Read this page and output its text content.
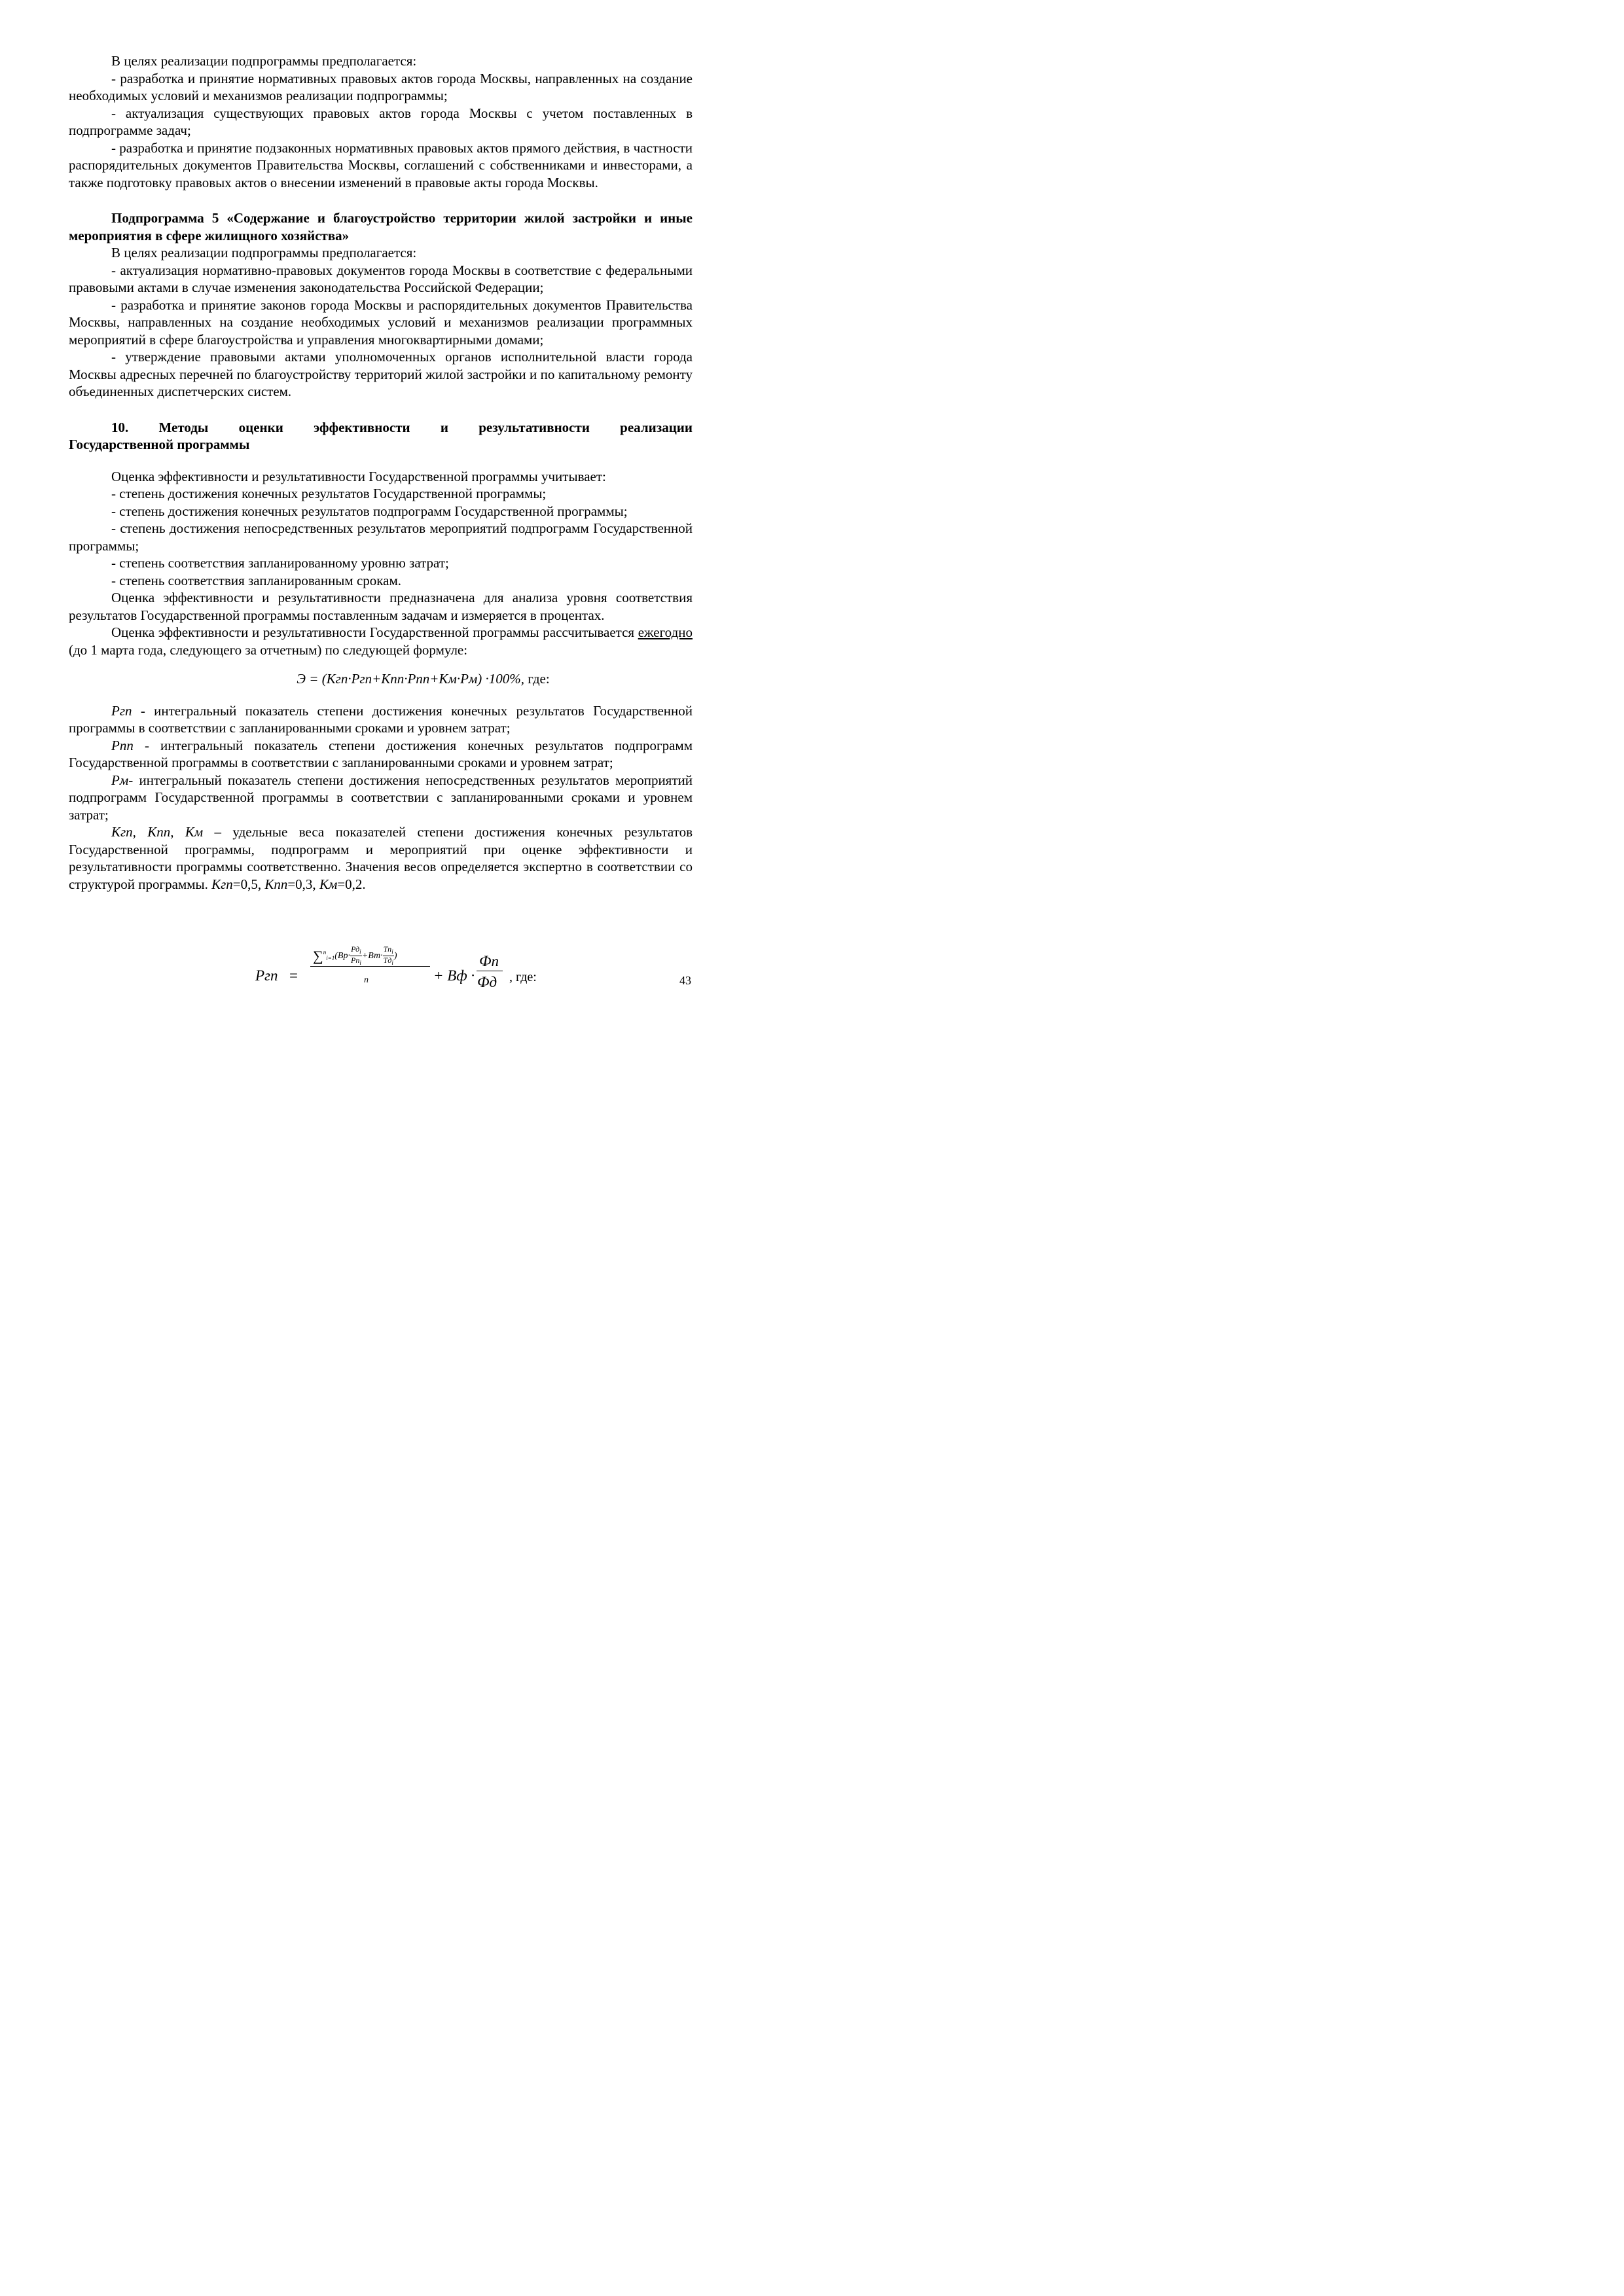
В целях реализации подпрограммы предполагается:

- разработка и принятие нормативных правовых актов города Москвы, направленных на создание необходимых условий и механизмов реализации подпрограммы;

- актуализация существующих правовых актов города Москвы с учетом поставленных в подпрограмме задач;

- разработка и принятие подзаконных нормативных правовых актов прямого действия, в частности распорядительных документов Правительства Москвы, соглашений с собственниками и инвесторами, а также подготовку правовых актов о внесении изменений в правовые акты города Москвы.

Подпрограмма 5 «Содержание и благоустройство территории жилой застройки и иные мероприятия в сфере жилищного хозяйства»

В целях реализации подпрограммы предполагается:

- актуализация нормативно-правовых документов города Москвы в соответствие с федеральными правовыми актами в случае изменения законодательства Российской Федерации;

- разработка и принятие законов города Москвы и распорядительных документов Правительства Москвы, направленных на создание необходимых условий и механизмов реализации программных мероприятий в сфере благоустройства и управления многоквартирными домами;

- утверждение правовыми актами уполномоченных органов исполнительной власти города Москвы адресных перечней по благоустройству территорий жилой застройки и по капитальному ремонту объединенных диспетчерских систем.

10. Методы оценки эффективности и результативности реализации

Государственной программы

Оценка эффективности и результативности Государственной программы учитывает:

- степень достижения конечных результатов Государственной программы;

- степень достижения конечных результатов подпрограмм Государственной программы;

- степень достижения непосредственных результатов мероприятий подпрограмм Государственной программы;

- степень соответствия запланированному уровню затрат;

- степень соответствия запланированным срокам.

Оценка эффективности и результативности предназначена для анализа уровня соответствия результатов Государственной программы поставленным задачам и измеряется в процентах.

Оценка эффективности и результативности Государственной программы рассчитывается ежегодно (до 1 марта года, следующего за отчетным) по следующей формуле:

Э = (Кгп·Ргп+Кпп·Рпп+Км·Рм) ·100%, где:

Ргп - интегральный показатель степени достижения конечных результатов Государственной программы в соответствии с запланированными сроками и уровнем затрат;

Рпп - интегральный показатель степени достижения конечных результатов подпрограмм Государственной программы в соответствии с запланированными сроками и уровнем затрат;

Рм- интегральный показатель степени достижения непосредственных результатов мероприятий подпрограмм Государственной программы в соответствии с запланированными сроками и уровнем затрат;

Кгп, Кпп, Км – удельные веса показателей степени достижения конечных результатов Государственной программы, подпрограмм и мероприятий при оценке эффективности и результативности программы соответственно. Значения весов определяется экспертно в соответствии со структурой программы. Кгп=0,5, Кпп=0,3, Км=0,2.

Ргп =
$\sum^n_{i=1}(Вр\cdot \frac{Рд_i}{Рп_i} +Вт\cdot \frac{Тп_i}{Тд_i}$ )
n	+ Вф ·
Фп
Фд , где:	43
